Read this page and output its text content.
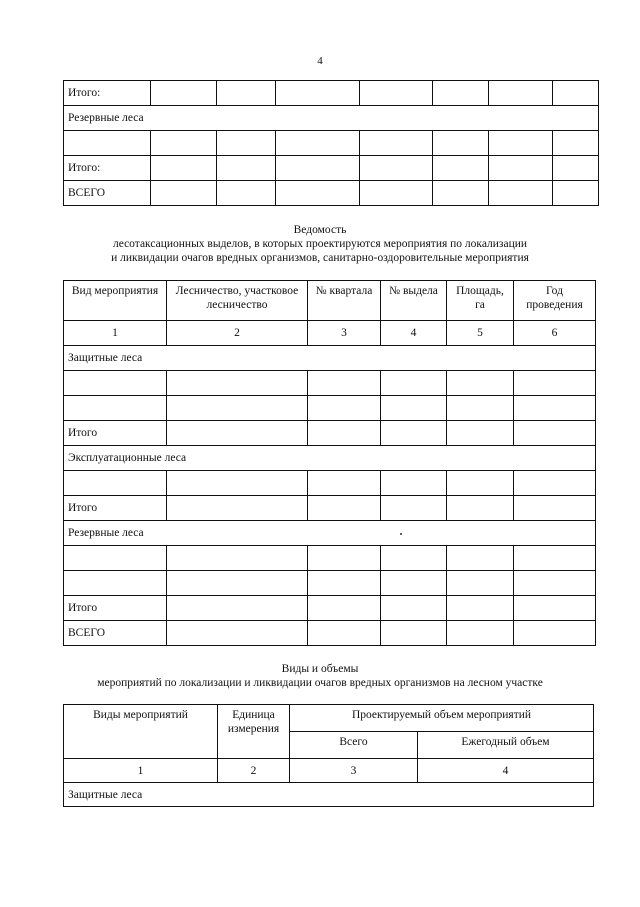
4
Итого:							
Резервные леса							

Итого:							
ВСЕГО							
Ведомость
лесотаксационных выделов, в которых проектируются мероприятия по локализации
и ликвидации очагов вредных организмов, санитарно-оздоровительные мероприятия
Вид мероприятия	Лесничество, участковое лесничество	№ квартала	№ выдела	Площадь, га	Год проведения
1	2	3	4	5	6
Защитные леса					

Итого					
Эксплуатационные леса					

Итого					
Резервные леса					

Итого					
ВСЕГО					
Виды и объемы
мероприятий по локализации и ликвидации очагов вредных организмов на лесном участке
Виды мероприятий	Единица измерения	Проектируемый объем мероприятий	
		Всего	Ежегодный объем
1	2	3	4
Защитные леса			
